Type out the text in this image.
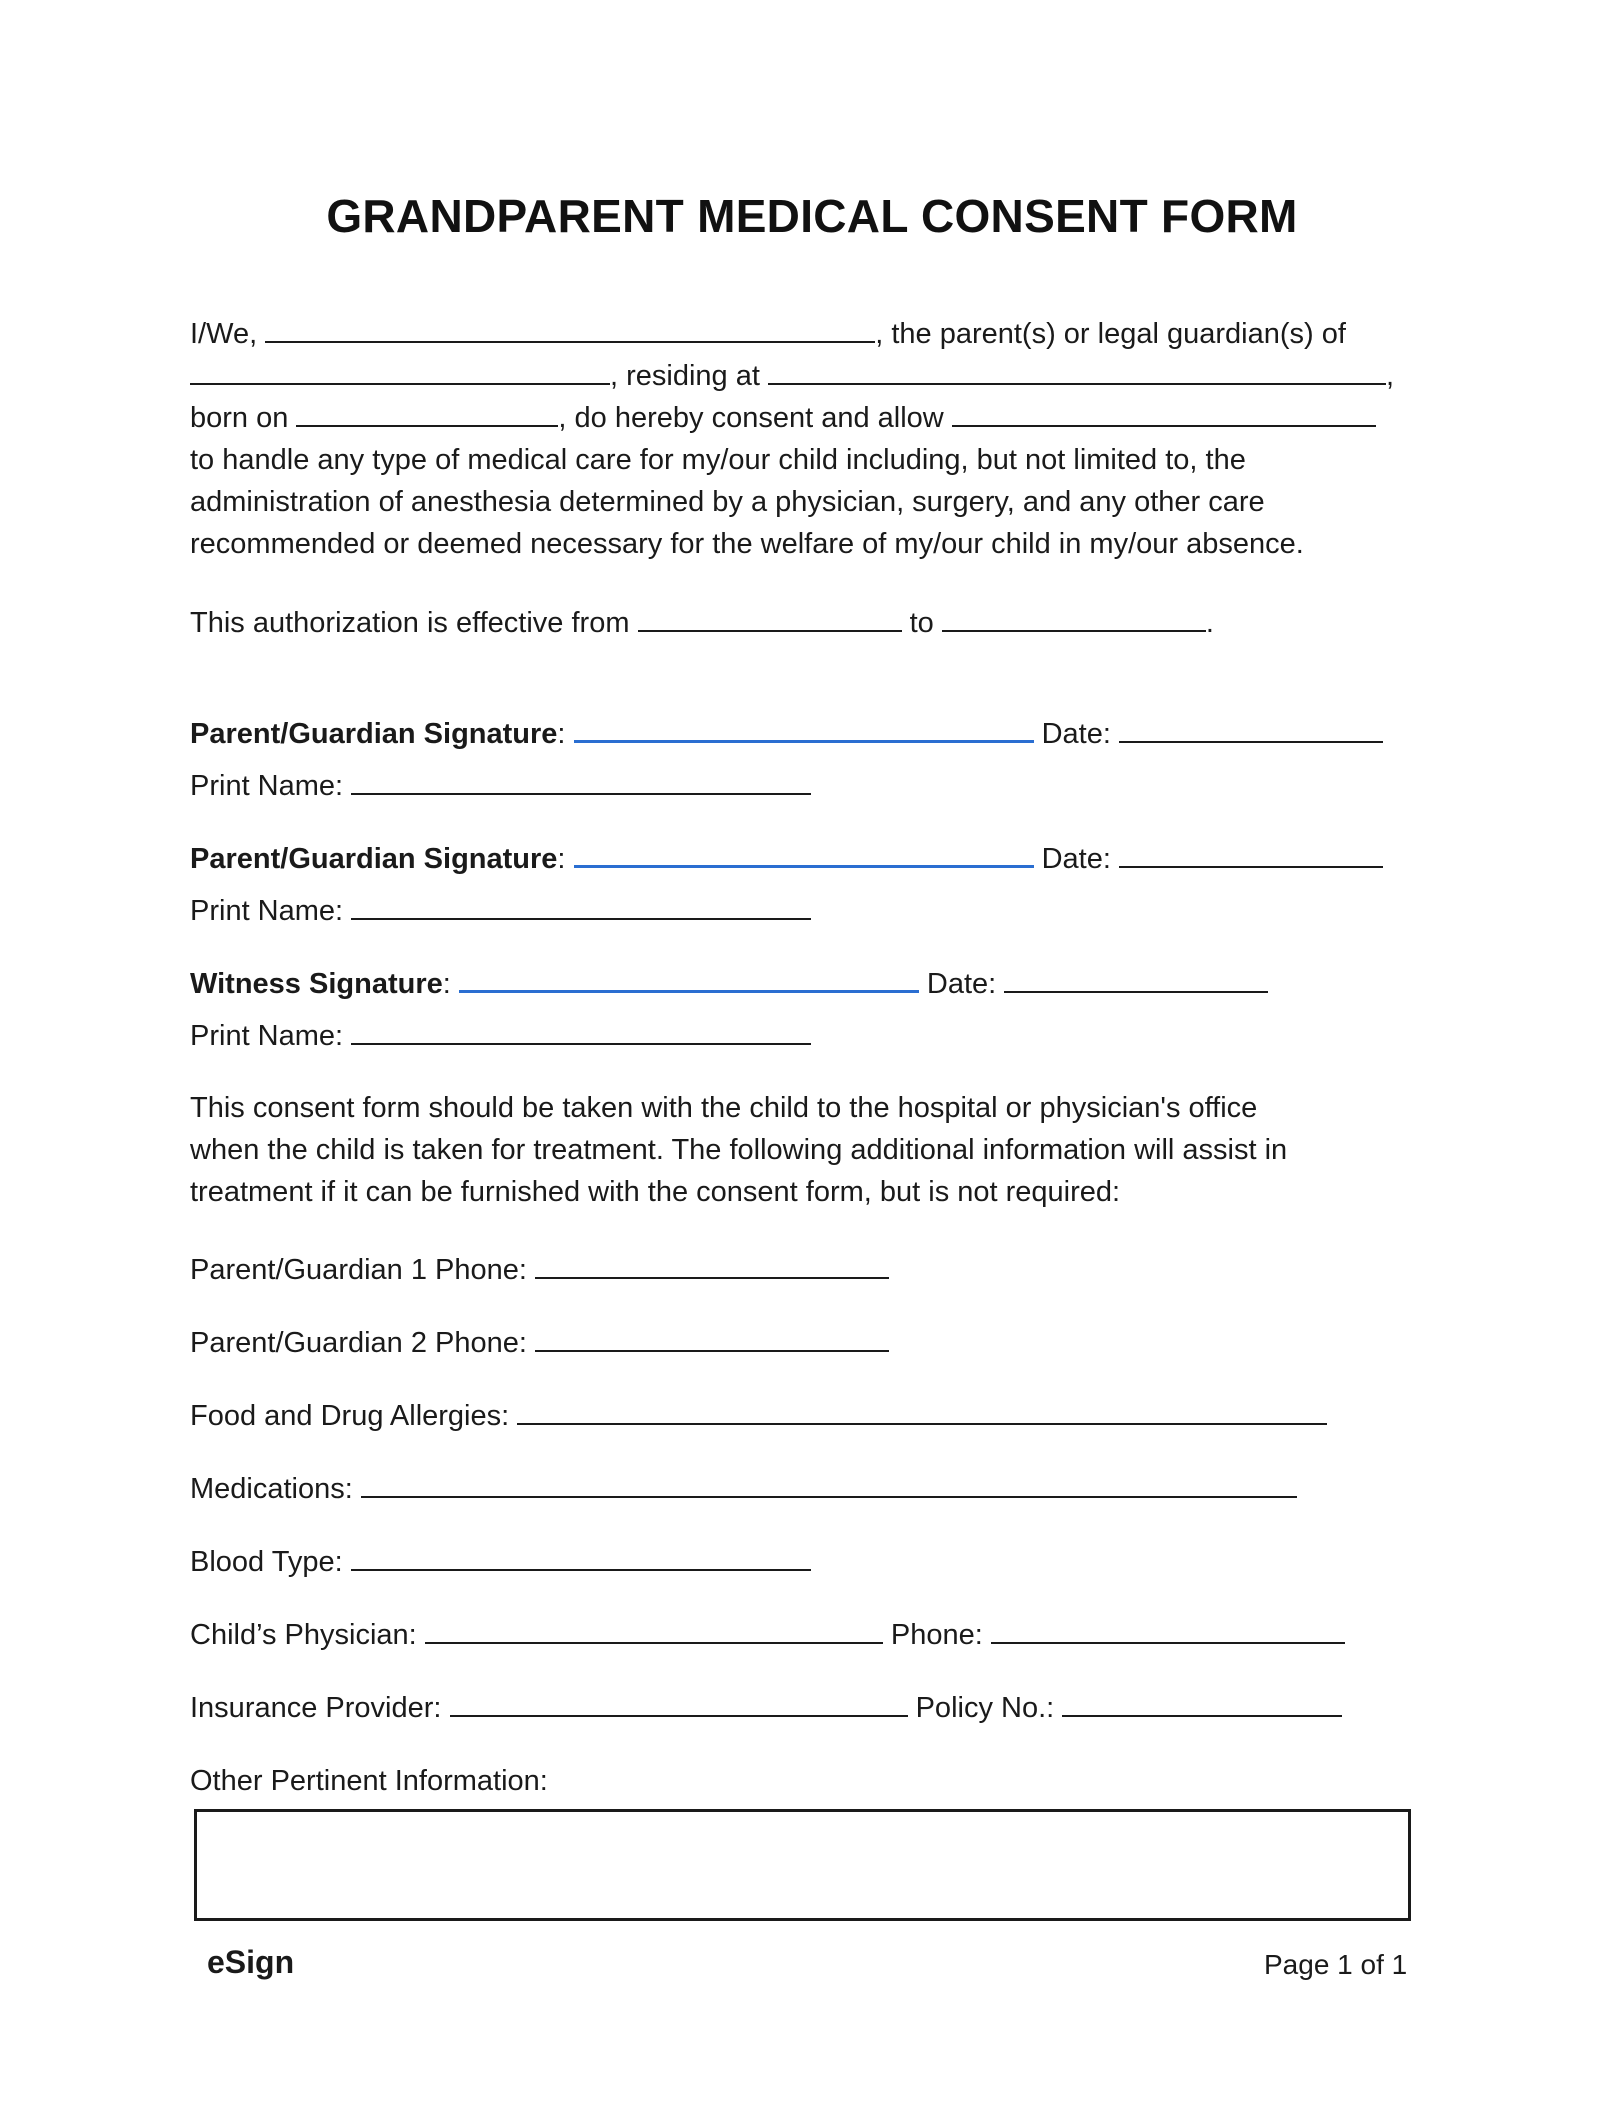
GRANDPARENT MEDICAL CONSENT FORM
I/We,	, the parent(s) or legal guardian(s) of
, residing at	,
born on	, do hereby consent and allow
to handle any type of medical care for my/our child including, but not limited to, the
administration of anesthesia determined by a physician, surgery, and any other care
recommended or deemed necessary for the welfare of my/our child in my/our absence.
This authorization is effective from	to	.
Parent/Guardian Signature:	Date:
Print Name:
Parent/Guardian Signature:	Date:
Print Name:
Witness Signature:	Date:
Print Name:
This consent form should be taken with the child to the hospital or physician's office
when the child is taken for treatment. The following additional information will assist in
treatment if it can be furnished with the consent form, but is not required:
Parent/Guardian 1 Phone:
Parent/Guardian 2 Phone:
Food and Drug Allergies:
Medications:
Blood Type:
Child’s Physician:	Phone:
Insurance Provider:	Policy No.:
Other Pertinent Information:
eSign	Page 1 of 1
